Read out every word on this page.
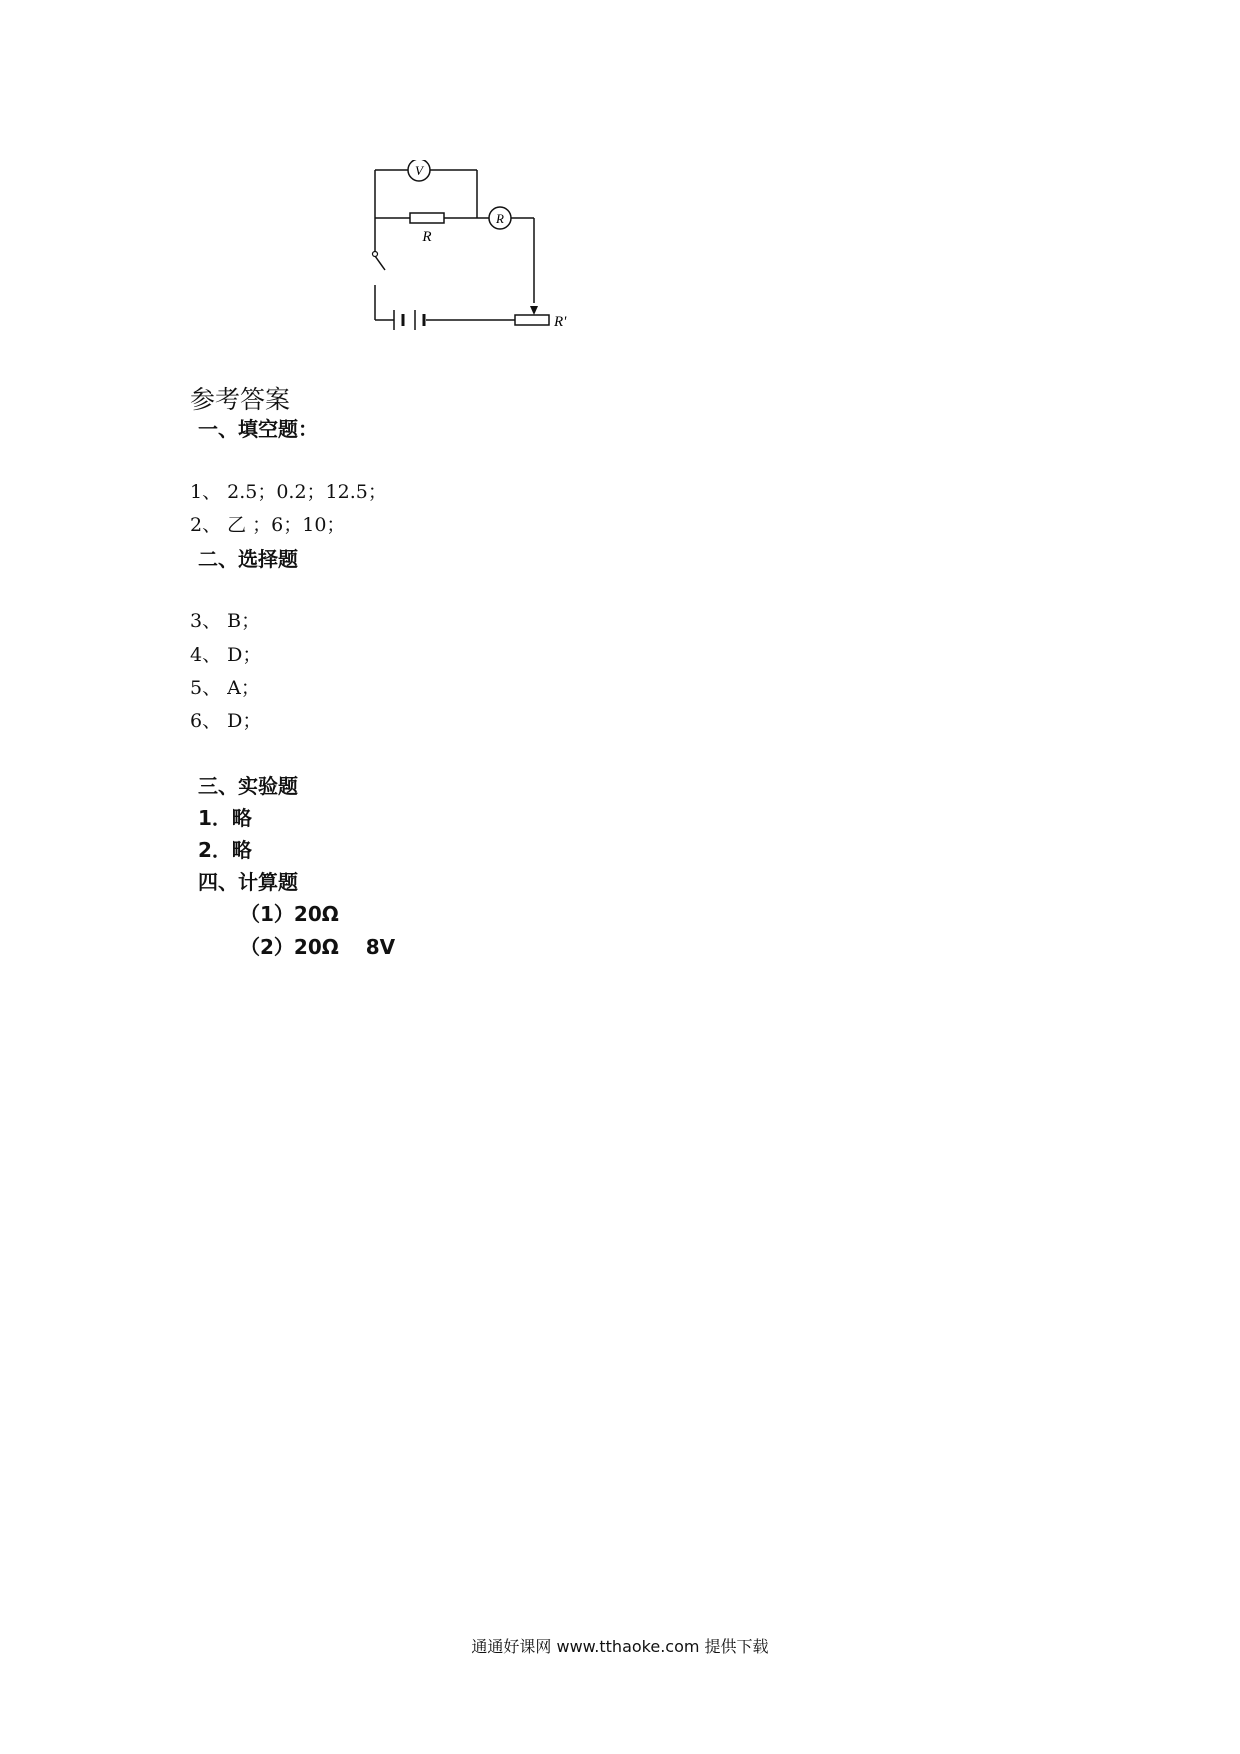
V
R
R
R'
参考答案
一、填空题：
1、 2.5；0.2；12.5；
2、 乙 ；6；10；
二、选择题
3、 B；
4、 D；
5、 A；
6、 D；
三、实验题
1．略
2．略
四、计算题
（1）20Ω
（2）20Ω　 8V
通通好课网 www.tthaoke.com 提供下载
